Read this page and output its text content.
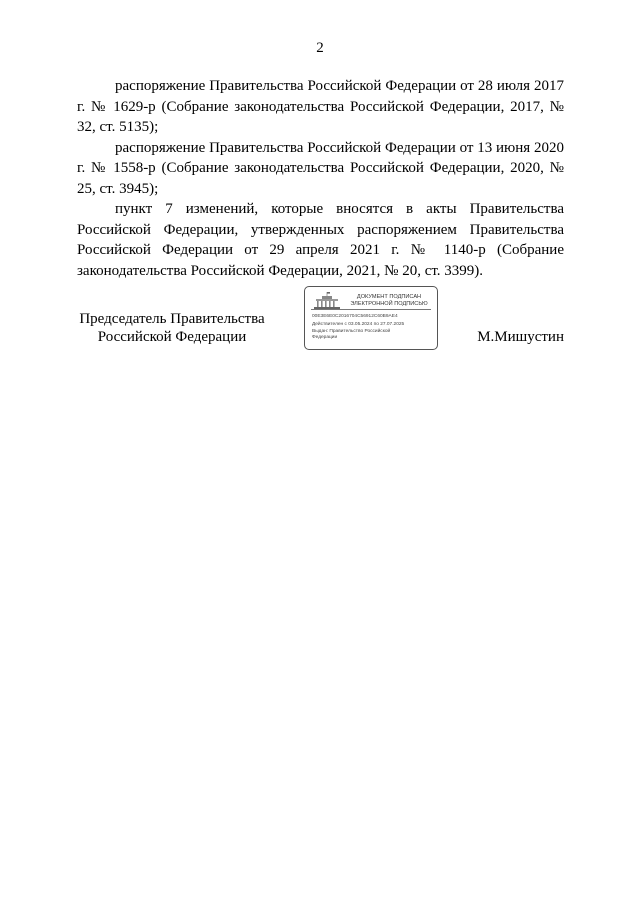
2

распоряжение Правительства Российской Федерации от 28 июля 2017 г. № 1629-р (Собрание законодательства Российской Федерации, 2017, № 32, ст. 5135);

распоряжение Правительства Российской Федерации от 13 июня 2020 г. № 1558-р (Собрание законодательства Российской Федерации, 2020, № 25, ст. 3945);

пункт 7 изменений, которые вносятся в акты Правительства Российской Федерации, утвержденных распоряжением Правительства Российской Федерации от 29 апреля 2021 г. № 1140-р (Собрание законодательства Российской Федерации, 2021, № 20, ст. 3399).

Председатель Правительства
Российской Федерации
ДОКУМЕНТ ПОДПИСАН
ЭЛЕКТРОННОЙ ПОДПИСЬЮ
00E3E6E0C2016704C56912C60B9AE4
Действителен с 03.05.2024 по 27.07.2025
Выдан: Правительство Российской
Федерации	М.Мишустин
